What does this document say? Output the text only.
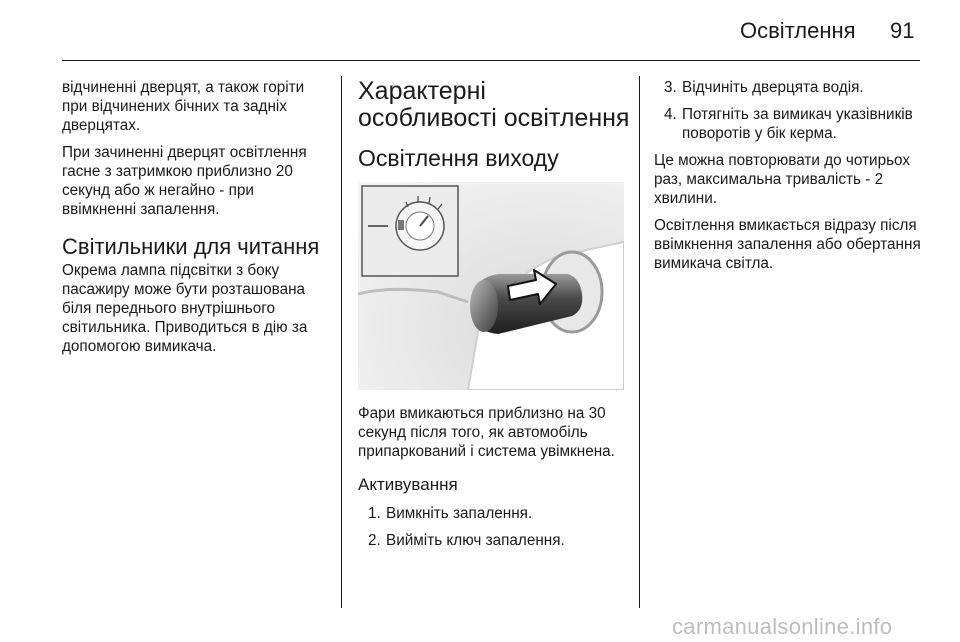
Освітлення 91

відчиненні дверцят, а також горіти при відчинених бічних та задніх дверцятах.

При зачиненні дверцят освітлення гасне з затримкою приблизно 20 секунд або ж негайно - при ввімкненні запалення.

Світильники для читання

Окрема лампа підсвітки з боку пасажиру може бути розташована біля переднього внутрішнього світильника. Приводиться в дію за допомогою вимикача.

Характерні особливості освітлення
Освітлення виходу

Фари вмикаються приблизно на 30 секунд після того, як автомобіль припаркований і система увімкнена.

Активування
1. Вимкніть запалення.
2. Вийміть ключ запалення.
3. Відчиніть дверцята водія.
4. Потягніть за вимикач указівників поворотів у бік керма.

Це можна повторювати до чотирьох раз, максимальна тривалість - 2 хвилини.

Освітлення вмикається відразу після ввімкнення запалення або обертання вимикача світла.

carmanualsonline.info
